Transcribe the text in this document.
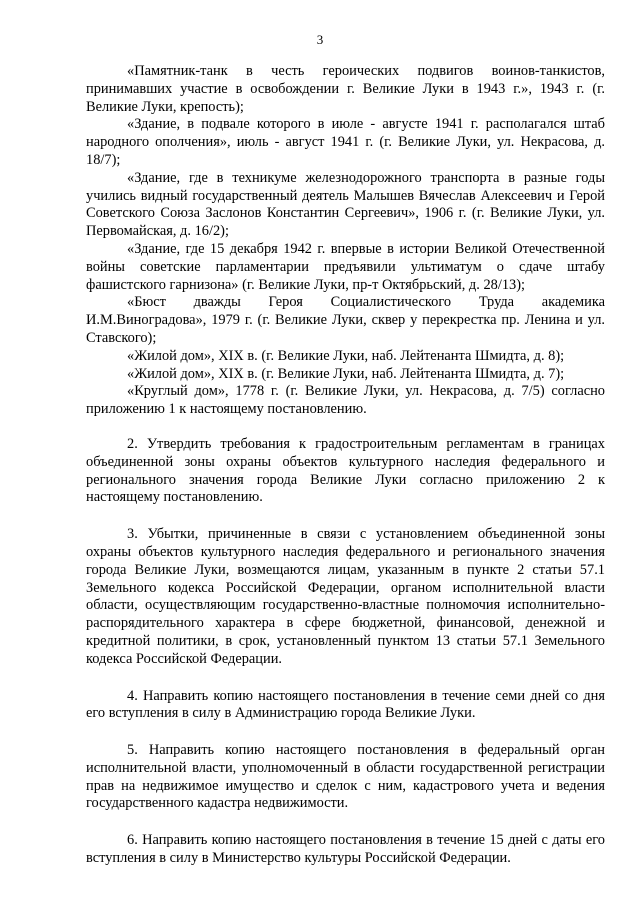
3

«Памятник-танк в честь героических подвигов воинов-танкистов, принимавших участие в освобождении г. Великие Луки в 1943 г.», 1943 г. (г. Великие Луки, крепость);

«Здание, в подвале которого в июле - августе 1941 г. располагался штаб народного ополчения», июль - август 1941 г. (г. Великие Луки, ул. Некрасова, д. 18/7);

«Здание, где в техникуме железнодорожного транспорта в разные годы учились видный государственный деятель Малышев Вячеслав Алексеевич и Герой Советского Союза Заслонов Константин Сергеевич», 1906 г. (г. Великие Луки, ул. Первомайская, д. 16/2);

«Здание, где 15 декабря 1942 г. впервые в истории Великой Отечественной войны советские парламентарии предъявили ультиматум о сдаче штабу фашистского гарнизона» (г. Великие Луки, пр-т Октябрьский, д. 28/13);

«Бюст дважды Героя Социалистического Труда академика И.М.Виноградова», 1979 г. (г. Великие Луки, сквер у перекрестка пр. Ленина и ул. Ставского);

«Жилой дом», XIX в. (г. Великие Луки, наб. Лейтенанта Шмидта, д. 8);

«Жилой дом», XIX в. (г. Великие Луки, наб. Лейтенанта Шмидта, д. 7);

«Круглый дом», 1778 г. (г. Великие Луки, ул. Некрасова, д. 7/5) согласно приложению 1 к настоящему постановлению.

2. Утвердить требования к градостроительным регламентам в границах объединенной зоны охраны объектов культурного наследия федерального и регионального значения города Великие Луки согласно приложению 2 к настоящему постановлению.

3. Убытки, причиненные в связи с установлением объединенной зоны охраны объектов культурного наследия федерального и регионального значения города Великие Луки, возмещаются лицам, указанным в пункте 2 статьи 57.1 Земельного кодекса Российской Федерации, органом исполнительной власти области, осуществляющим государственно-властные полномочия исполнительно-распорядительного характера в сфере бюджетной, финансовой, денежной и кредитной политики, в срок, установленный пунктом 13 статьи 57.1 Земельного кодекса Российской Федерации.

4. Направить копию настоящего постановления в течение семи дней со дня его вступления в силу в Администрацию города Великие Луки.

5. Направить копию настоящего постановления в федеральный орган исполнительной власти, уполномоченный в области государственной регистрации прав на недвижимое имущество и сделок с ним, кадастрового учета и ведения государственного кадастра недвижимости.

6. Направить копию настоящего постановления в течение 15 дней с даты его вступления в силу в Министерство культуры Российской Федерации.
